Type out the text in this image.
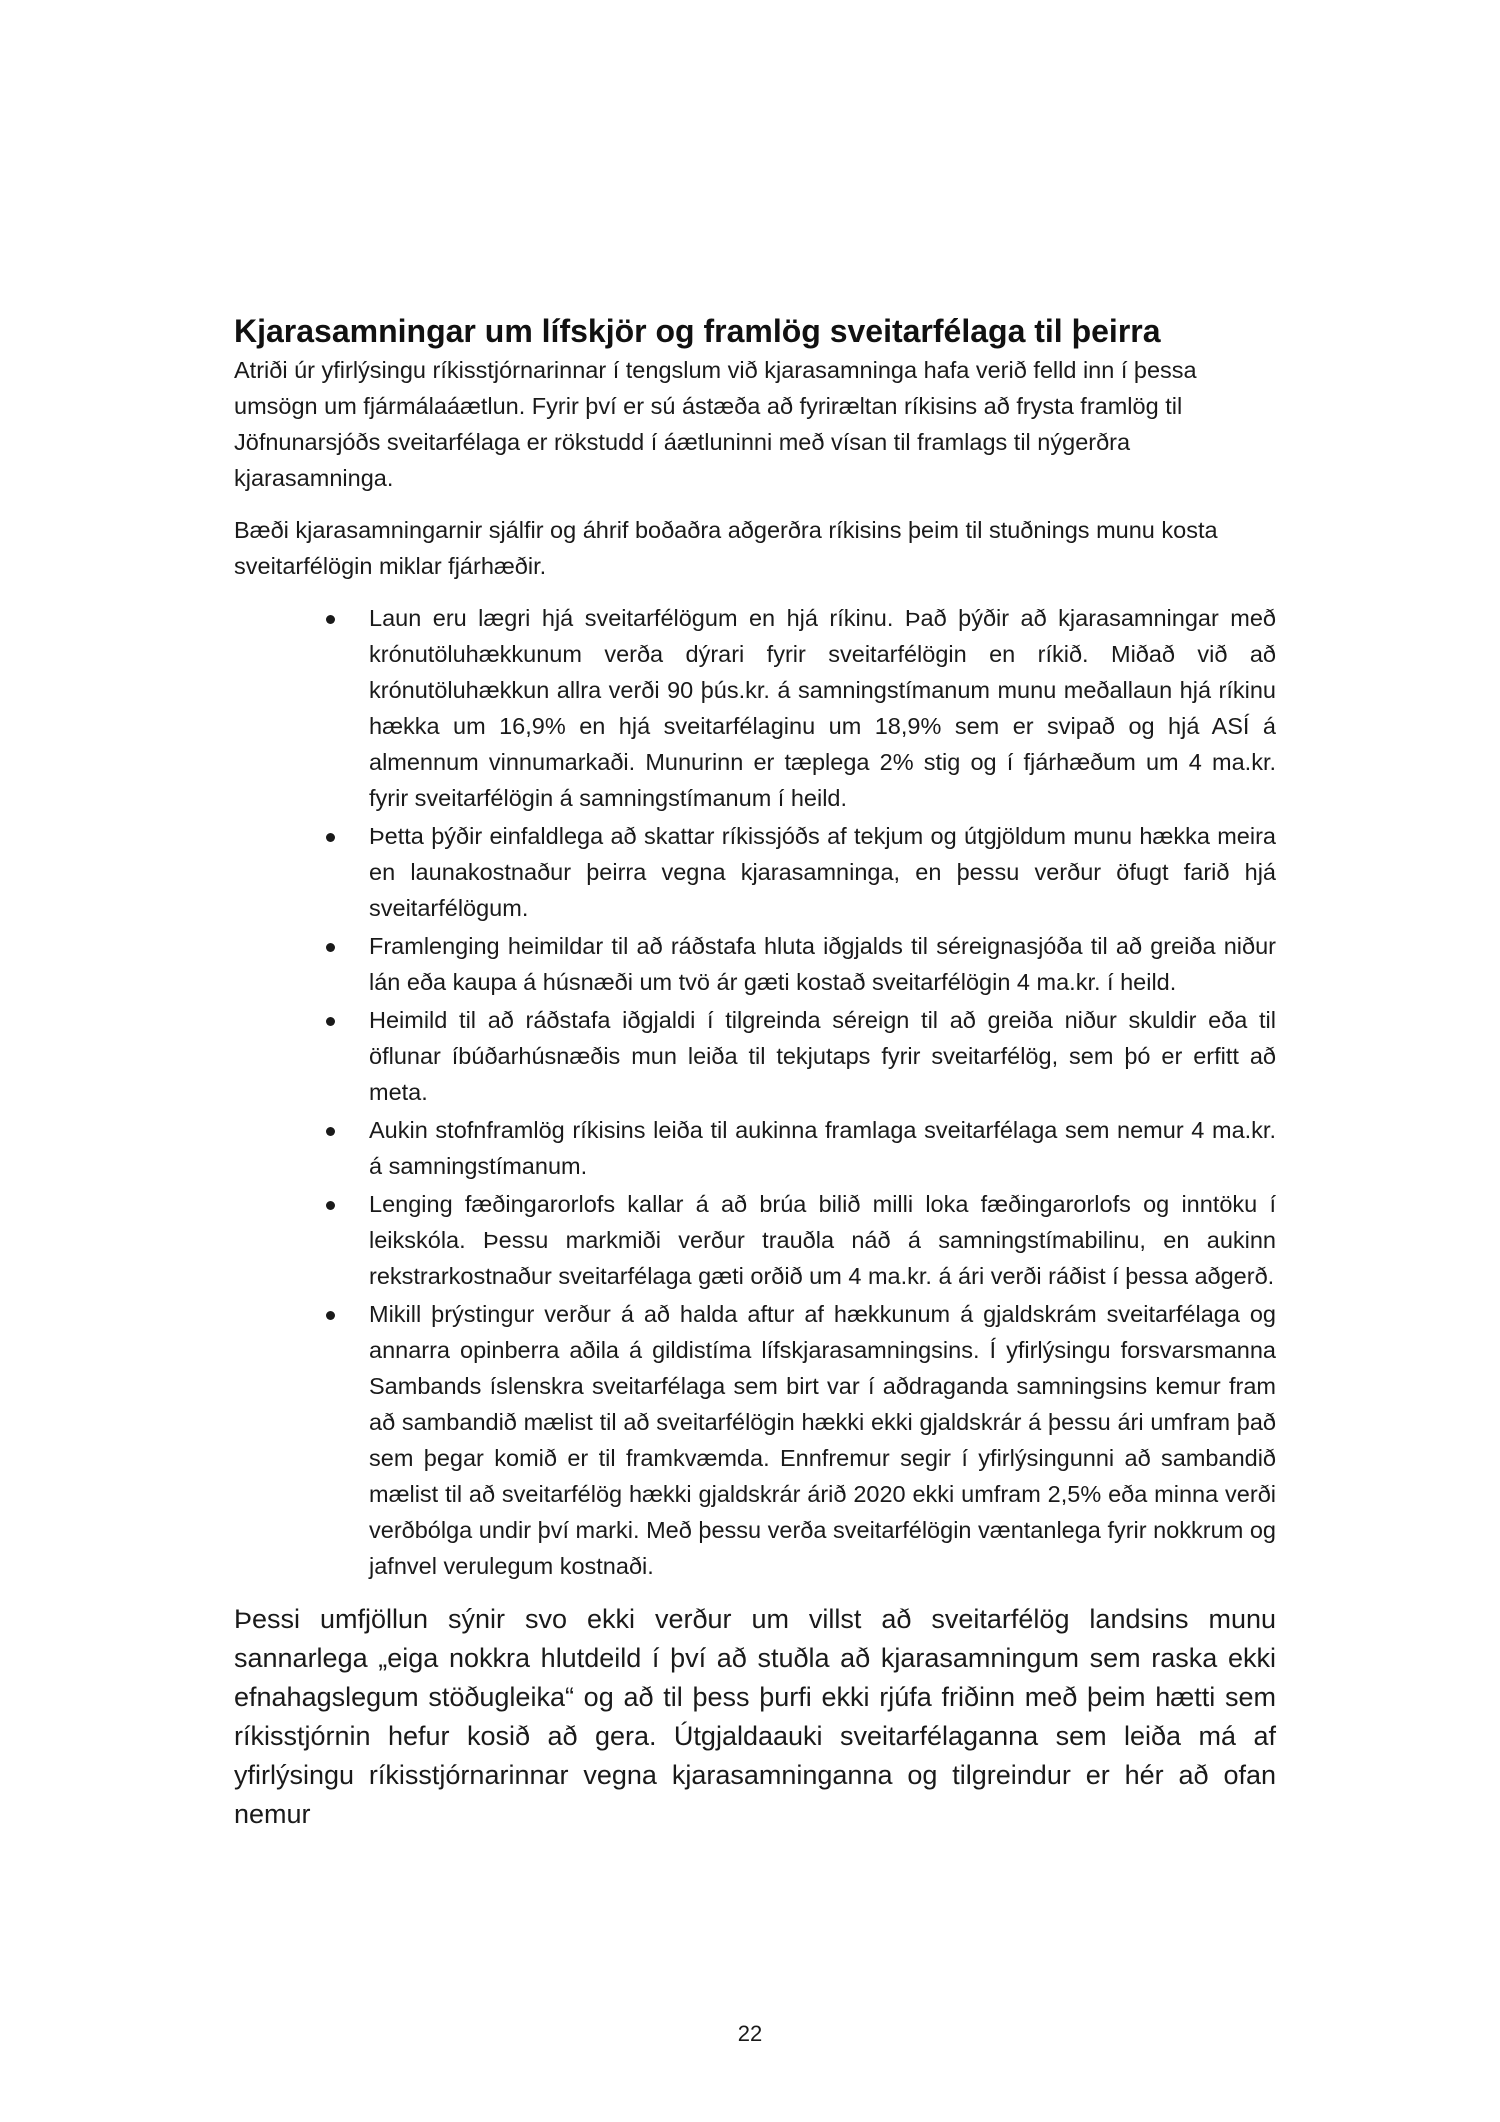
Kjarasamningar um lífskjör og framlög sveitarfélaga til þeirra

Atriði úr yfirlýsingu ríkisstjórnarinnar í tengslum við kjarasamninga hafa verið felld inn í þessa umsögn um fjármálaáætlun. Fyrir því er sú ástæða að fyriræltan ríkisins að frysta framlög til Jöfnunarsjóðs sveitarfélaga er rökstudd í áætluninni með vísan til framlags til nýgerðra kjarasamninga.

Bæði kjarasamningarnir sjálfir og áhrif boðaðra aðgerðra ríkisins þeim til stuðnings munu kosta sveitarfélögin miklar fjárhæðir.

Laun eru lægri hjá sveitarfélögum en hjá ríkinu. Það þýðir að kjarasamningar með krónutöluhækkunum verða dýrari fyrir sveitarfélögin en ríkið. Miðað við að krónutöluhækkun allra verði 90 þús.kr. á samningstímanum munu meðallaun hjá ríkinu hækka um 16,9% en hjá sveitarfélaginu um 18,9% sem er svipað og hjá ASÍ á almennum vinnumarkaði. Munurinn er tæplega 2% stig og í fjárhæðum um 4 ma.kr. fyrir sveitarfélögin á samningstímanum í heild.
Þetta þýðir einfaldlega að skattar ríkissjóðs af tekjum og útgjöldum munu hækka meira en launakostnaður þeirra vegna kjarasamninga, en þessu verður öfugt farið hjá sveitarfélögum.
Framlenging heimildar til að ráðstafa hluta iðgjalds til séreignasjóða til að greiða niður lán eða kaupa á húsnæði um tvö ár gæti kostað sveitarfélögin 4 ma.kr. í heild.
Heimild til að ráðstafa iðgjaldi í tilgreinda séreign til að greiða niður skuldir eða til öflunar íbúðarhúsnæðis mun leiða til tekjutaps fyrir sveitarfélög, sem þó er erfitt að meta.
Aukin stofnframlög ríkisins leiða til aukinna framlaga sveitarfélaga sem nemur 4 ma.kr. á samningstímanum.
Lenging fæðingarorlofs kallar á að brúa bilið milli loka fæðingarorlofs og inntöku í leikskóla. Þessu markmiði verður trauðla náð á samningstímabilinu, en aukinn rekstrarkostnaður sveitarfélaga gæti orðið um 4 ma.kr. á ári verði ráðist í þessa aðgerð.
Mikill þrýstingur verður á að halda aftur af hækkunum á gjaldskrám sveitarfélaga og annarra opinberra aðila á gildistíma lífskjarasamningsins. Í yfirlýsingu forsvarsmanna Sambands íslenskra sveitarfélaga sem birt var í aðdraganda samningsins kemur fram að sambandið mælist til að sveitarfélögin hækki ekki gjaldskrár á þessu ári umfram það sem þegar komið er til framkvæmda. Ennfremur segir í yfirlýsingunni að sambandið mælist til að sveitarfélög hækki gjaldskrár árið 2020 ekki umfram 2,5% eða minna verði verðbólga undir því marki. Með þessu verða sveitarfélögin væntanlega fyrir nokkrum og jafnvel verulegum kostnaði.

Þessi umfjöllun sýnir svo ekki verður um villst að sveitarfélög landsins munu sannarlega „eiga nokkra hlutdeild í því að stuðla að kjarasamningum sem raska ekki efnahagslegum stöðugleika“ og að til þess þurfi ekki rjúfa friðinn með þeim hætti sem ríkisstjórnin hefur kosið að gera. Útgjaldaauki sveitarfélaganna sem leiða má af yfirlýsingu ríkisstjórnarinnar vegna kjarasamninganna og tilgreindur er hér að ofan nemur

22
